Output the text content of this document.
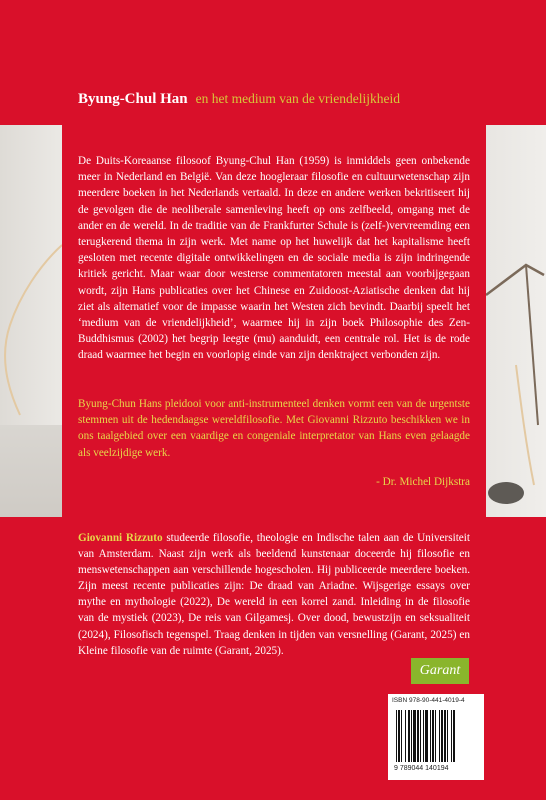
Byung-Chul Han en het medium van de vriendelijkheid
De Duits-Koreaanse filosoof Byung-Chul Han (1959) is inmiddels geen onbekende meer in Nederland en België. Van deze hoogleraar filosofie en cultuurwetenschap zijn meerdere boeken in het Nederlands vertaald. In deze en andere werken bekritiseert hij de gevolgen die de neoliberale samenleving heeft op ons zelfbeeld, omgang met de ander en de wereld. In de traditie van de Frankfurter Schule is (zelf-)vervreemding een terugkerend thema in zijn werk. Met name op het huwelijk dat het kapitalisme heeft gesloten met recente digitale ontwikkelingen en de sociale media is zijn indringende kritiek gericht. Maar waar door westerse commentatoren meestal aan voorbijgegaan wordt, zijn Hans publicaties over het Chinese en Zuidoost-Aziatische denken dat hij ziet als alternatief voor de impasse waarin het Westen zich bevindt. Daarbij speelt het ‘medium van de vriendelijkheid’, waarmee hij in zijn boek Philosophie des Zen-Buddhismus (2002) het begrip leegte (mu) aanduidt, een centrale rol. Het is de rode draad waarmee het begin en voorlopig einde van zijn denktraject verbonden zijn.
Byung-Chun Hans pleidooi voor anti-instrumenteel denken vormt een van de urgentste stemmen uit de hedendaagse wereldfilosofie. Met Giovanni Rizzuto beschikken we in ons taalgebied over een vaardige en congeniale interpretator van Hans even gelaagde als veelzijdige werk.
- Dr. Michel Dijkstra
Giovanni Rizzuto studeerde filosofie, theologie en Indische talen aan de Universiteit van Amsterdam. Naast zijn werk als beeldend kunstenaar doceerde hij filosofie en menswetenschappen aan verschillende hogescholen. Hij publiceerde meerdere boeken. Zijn meest recente publicaties zijn: De draad van Ariadne. Wijsgerige essays over mythe en mythologie (2022), De wereld in een korrel zand. Inleiding in de filosofie van de mystiek (2023), De reis van Gilgamesj. Over dood, bewustzijn en seksualiteit (2024), Filosofisch tegenspel. Traag denken in tijden van versnelling (Garant, 2025) en Kleine filosofie van de ruimte (Garant, 2025).
Garant
ISBN 978-90-441-4019-4
9 789044 140194
